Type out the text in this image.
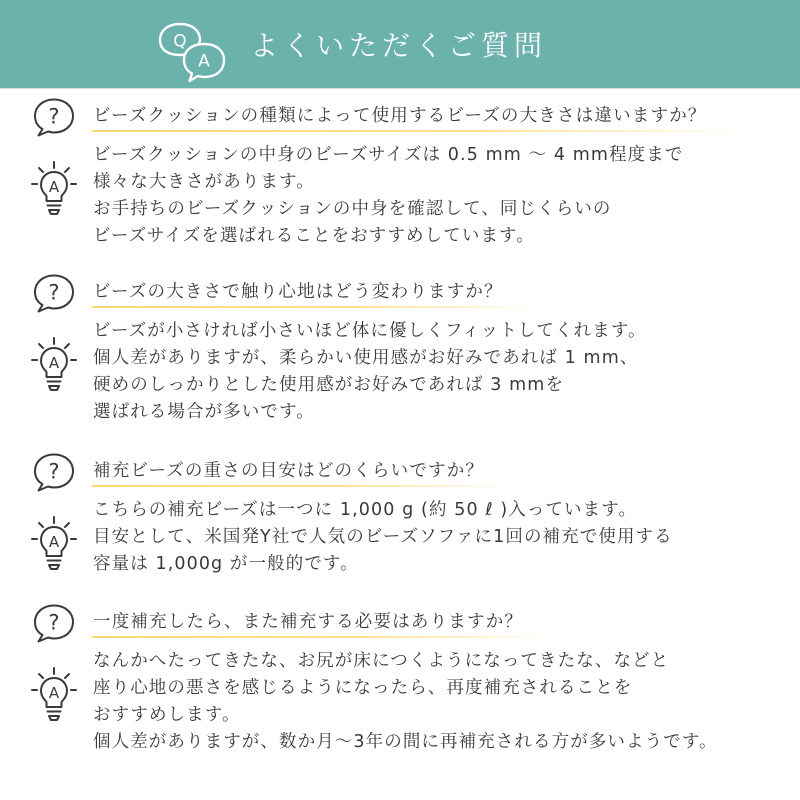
Q
A よくいただくご質問
? ビーズクッションの種類によって使用するビーズの大きさは違いますか？
A
ビーズクッションの中身のビーズサイズは 0.5 mm ～ 4 mm程度まで
様々な大きさがあります。
お手持ちのビーズクッションの中身を確認して、同じくらいの
ビーズサイズを選ばれることをおすすめしています。
? ビーズの大きさで触り心地はどう変わりますか？
A
ビーズが小さければ小さいほど体に優しくフィットしてくれます。
個人差がありますが、柔らかい使用感がお好みであれば 1 mm、
硬めのしっかりとした使用感がお好みであれば 3 mmを
選ばれる場合が多いです。
? 補充ビーズの重さの目安はどのくらいですか？
A
こちらの補充ビーズは一つに 1,000 g (約 50 ℓ )入っています。
目安として、米国発Y社で人気のビーズソファに1回の補充で使用する
容量は 1,000g が一般的です。
? 一度補充したら、また補充する必要はありますか？
A
なんかへたってきたな、お尻が床につくようになってきたな、などと
座り心地の悪さを感じるようになったら、再度補充されることを
おすすめします。
個人差がありますが、数か月～3年の間に再補充される方が多いようです。
